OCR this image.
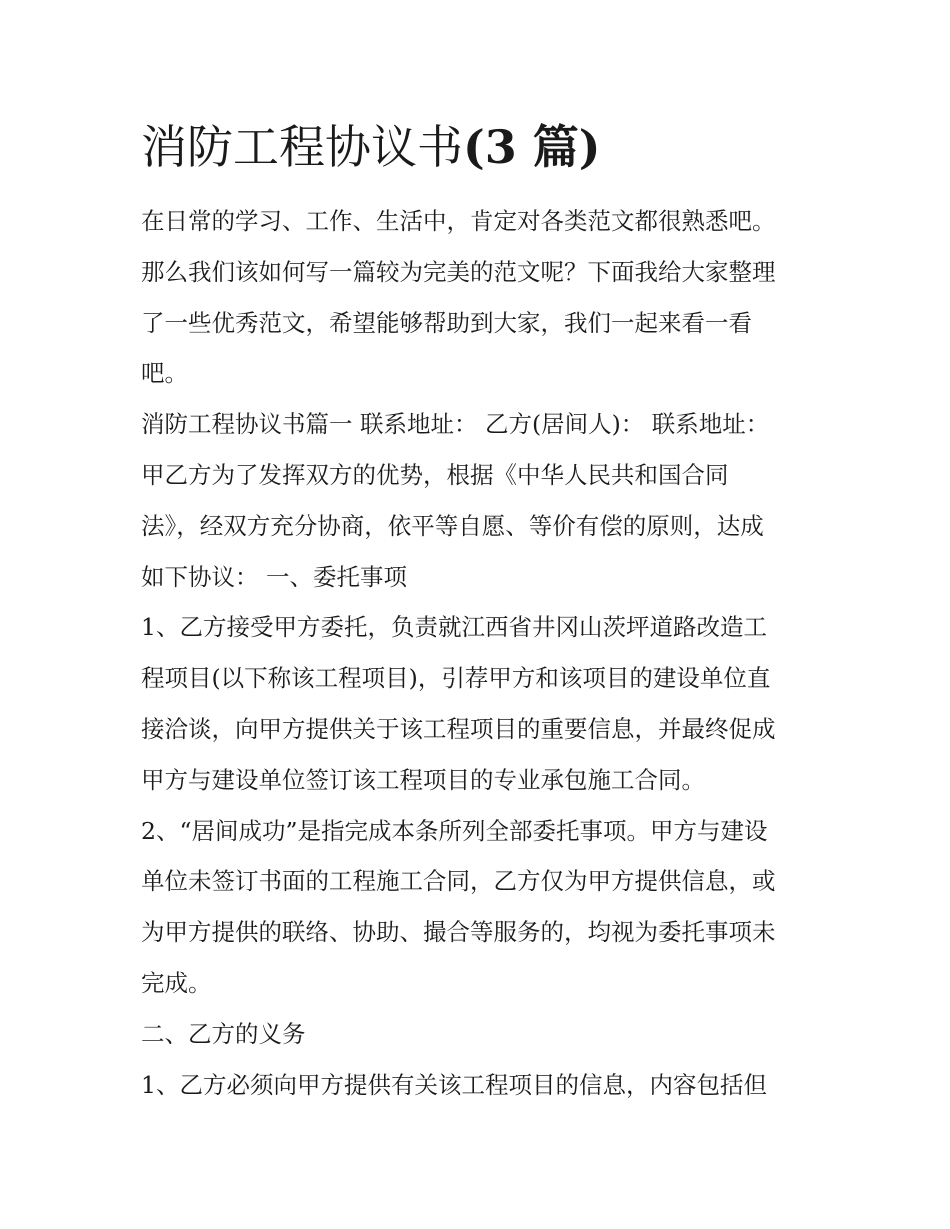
消防工程协议书(3 篇)
在日常的学习、工作、生活中，肯定对各类范文都很熟悉吧。
那么我们该如何写一篇较为完美的范文呢？下面我给大家整理
了一些优秀范文，希望能够帮助到大家，我们一起来看一看
吧。
消防工程协议书篇一 联系地址： 乙方(居间人)： 联系地址：
甲乙方为了发挥双方的优势，根据《中华人民共和国合同
法》，经双方充分协商，依平等自愿、等价有偿的原则，达成
如下协议： 一、委托事项
1、乙方接受甲方委托，负责就江西省井冈山茨坪道路改造工
程项目(以下称该工程项目)，引荐甲方和该项目的建设单位直
接洽谈，向甲方提供关于该工程项目的重要信息，并最终促成
甲方与建设单位签订该工程项目的专业承包施工合同。
2、“居间成功”是指完成本条所列全部委托事项。甲方与建设
单位未签订书面的工程施工合同，乙方仅为甲方提供信息，或
为甲方提供的联络、协助、撮合等服务的，均视为委托事项未
完成。
二、乙方的义务
1、乙方必须向甲方提供有关该工程项目的信息，内容包括但
